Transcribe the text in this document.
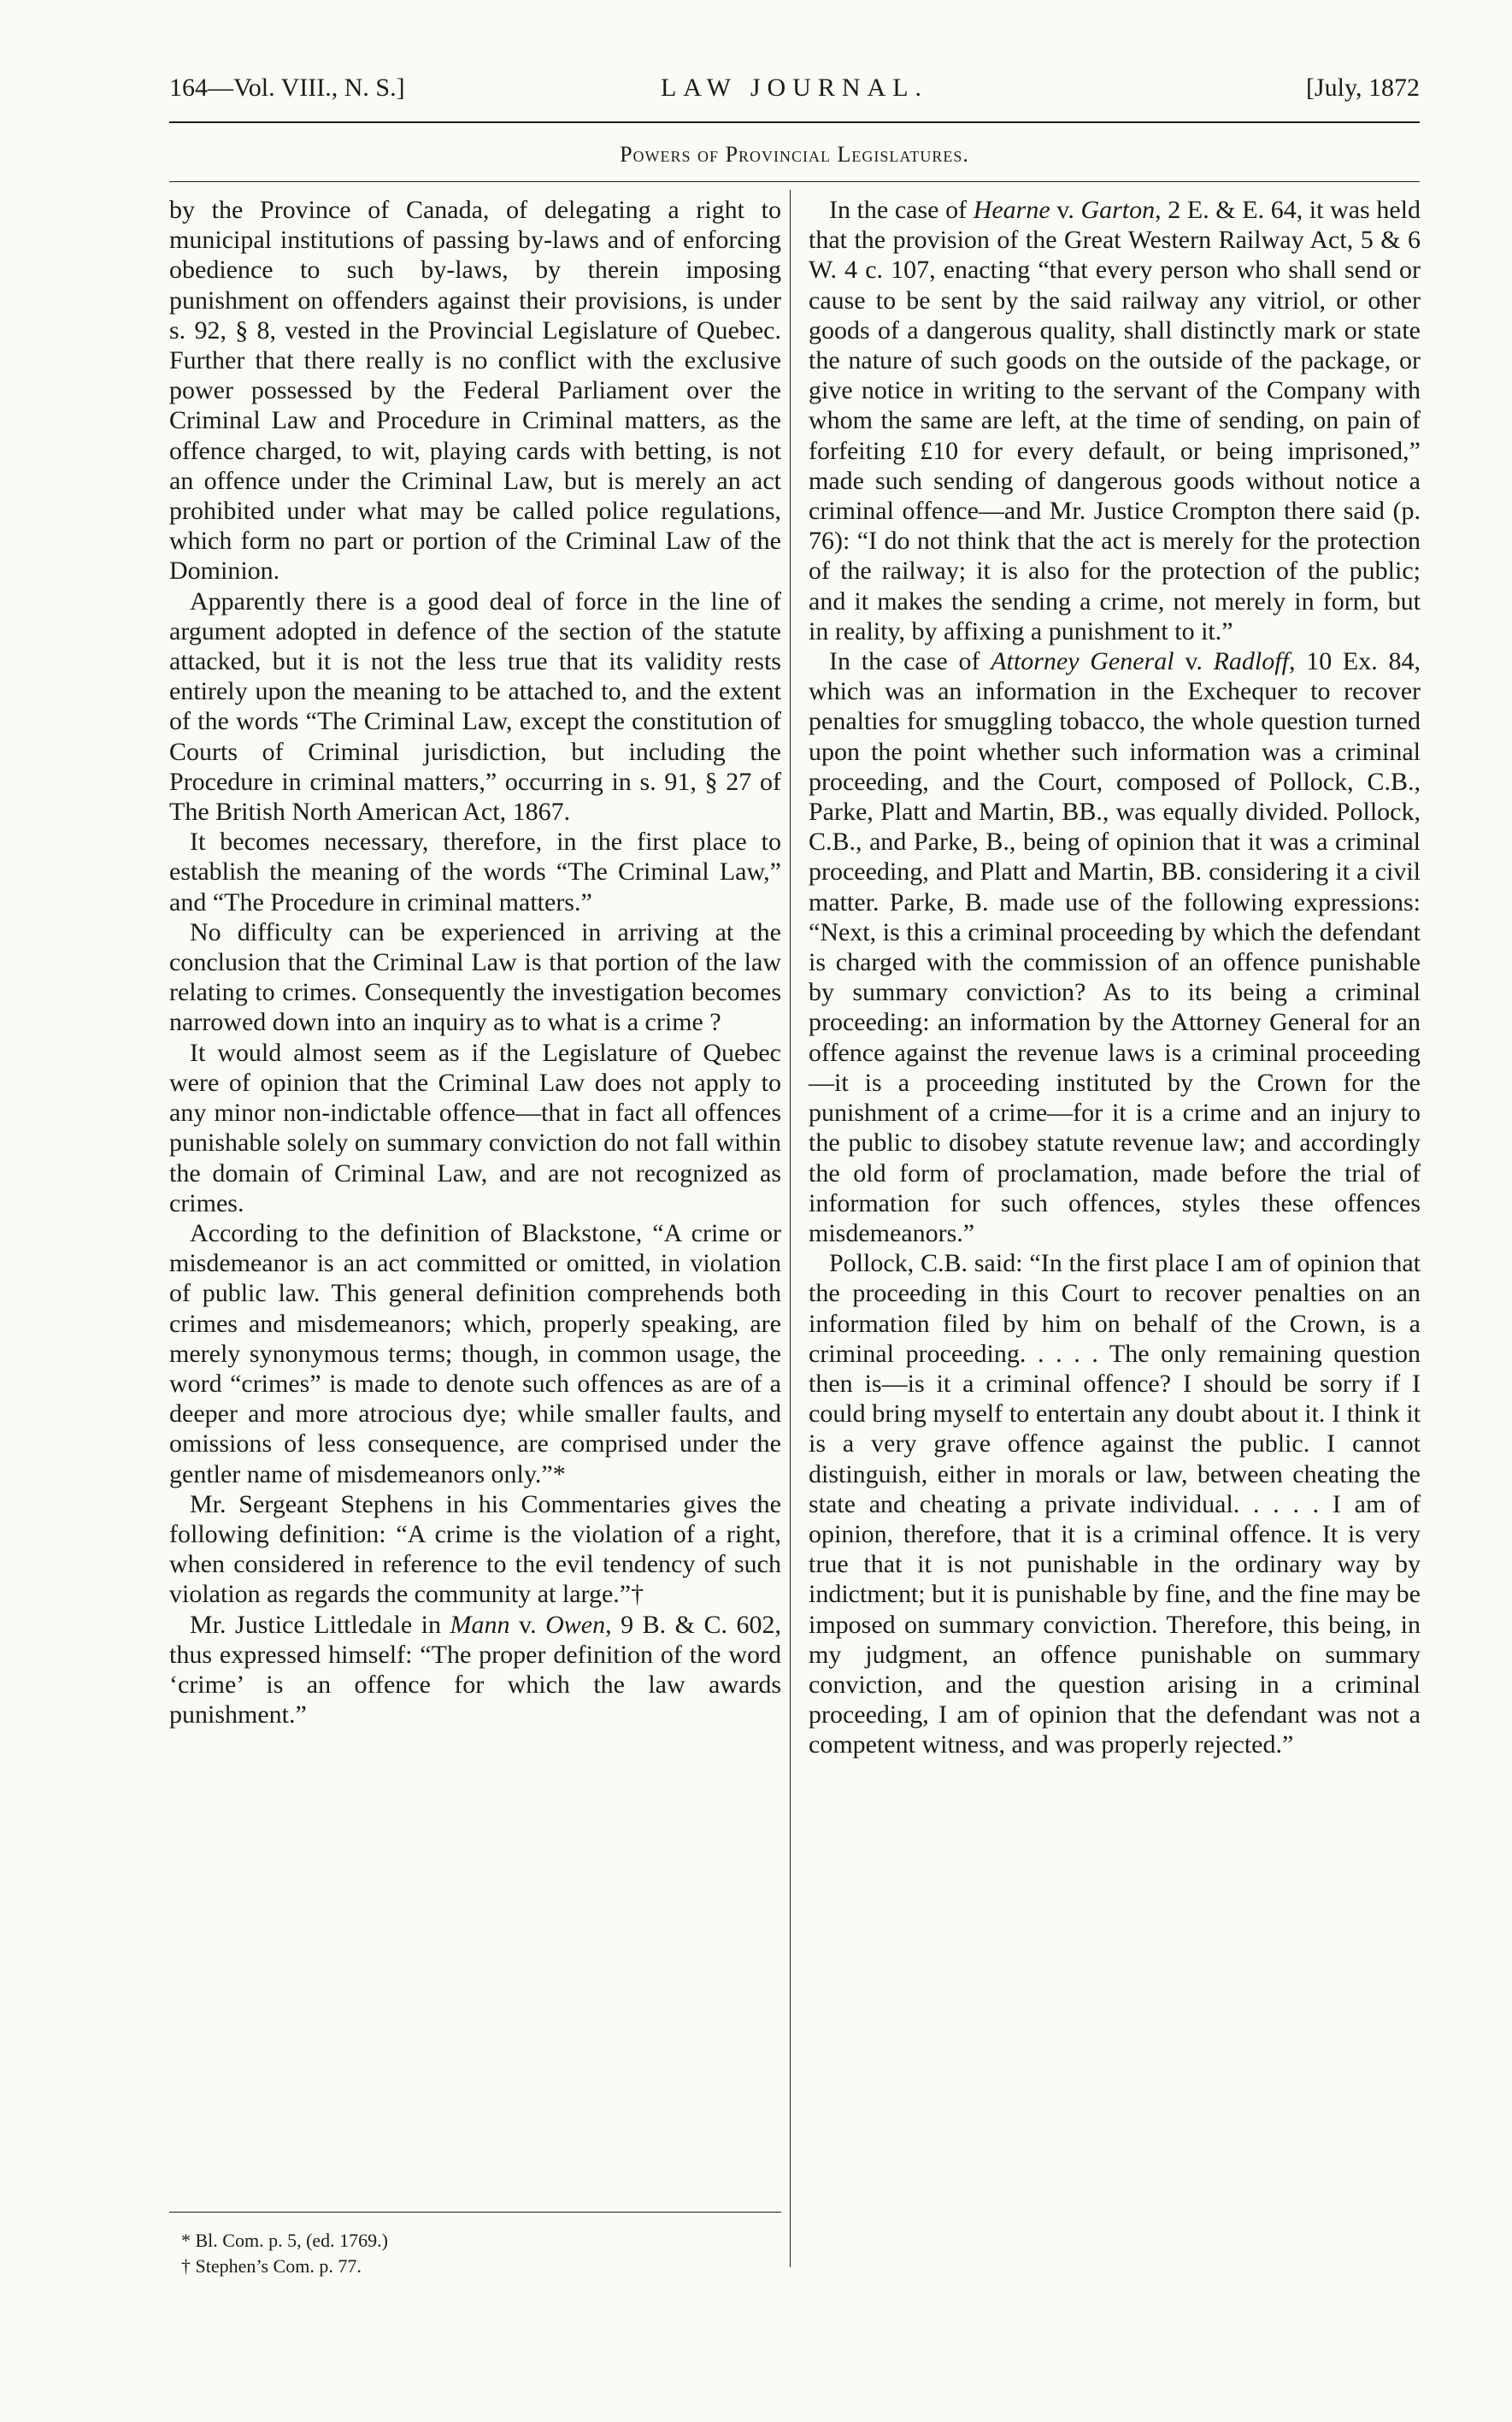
164—Vol. VIII., N. S.]	LAW JOURNAL.	[July, 1872
Powers of Provincial Legislatures.

by the Province of Canada, of delegating a right to municipal institutions of passing by-laws and of enforcing obedience to such by-laws, by therein imposing punishment on offenders against their provisions, is under s. 92, § 8, vested in the Provincial Legislature of Quebec. Further that there really is no conflict with the exclusive power possessed by the Federal Parliament over the Criminal Law and Procedure in Criminal matters, as the offence charged, to wit, playing cards with betting, is not an offence under the Criminal Law, but is merely an act prohibited under what may be called police regulations, which form no part or portion of the Criminal Law of the Dominion.

Apparently there is a good deal of force in the line of argument adopted in defence of the section of the statute attacked, but it is not the less true that its validity rests entirely upon the meaning to be attached to, and the extent of the words “The Criminal Law, except the constitution of Courts of Criminal jurisdiction, but including the Procedure in criminal matters,” occurring in s. 91, § 27 of The British North American Act, 1867.

It becomes necessary, therefore, in the first place to establish the meaning of the words “The Criminal Law,” and “The Procedure in criminal matters.”

No difficulty can be experienced in arriving at the conclusion that the Criminal Law is that portion of the law relating to crimes. Consequently the investigation becomes narrowed down into an inquiry as to what is a crime ?

It would almost seem as if the Legislature of Quebec were of opinion that the Criminal Law does not apply to any minor non-indictable offence—that in fact all offences punishable solely on summary conviction do not fall within the domain of Criminal Law, and are not recognized as crimes.

According to the definition of Blackstone, “A crime or misdemeanor is an act committed or omitted, in violation of public law. This general definition comprehends both crimes and misdemeanors; which, properly speaking, are merely synonymous terms; though, in common usage, the word “crimes” is made to denote such offences as are of a deeper and more atrocious dye; while smaller faults, and omissions of less consequence, are comprised under the gentler name of misdemeanors only.”*

Mr. Sergeant Stephens in his Commentaries gives the following definition: “A crime is the violation of a right, when considered in reference to the evil tendency of such violation as regards the community at large.”†

Mr. Justice Littledale in Mann v. Owen, 9 B. & C. 602, thus expressed himself: “The proper definition of the word ‘crime’ is an offence for which the law awards punishment.”

In the case of Hearne v. Garton, 2 E. & E. 64, it was held that the provision of the Great Western Railway Act, 5 & 6 W. 4 c. 107, enacting “that every person who shall send or cause to be sent by the said railway any vitriol, or other goods of a dangerous quality, shall distinctly mark or state the nature of such goods on the outside of the package, or give notice in writing to the servant of the Company with whom the same are left, at the time of sending, on pain of forfeiting £10 for every default, or being imprisoned,” made such sending of dangerous goods without notice a criminal offence—and Mr. Justice Crompton there said (p. 76): “I do not think that the act is merely for the protection of the railway; it is also for the protection of the public; and it makes the sending a crime, not merely in form, but in reality, by affixing a punishment to it.”

In the case of Attorney General v. Radloff, 10 Ex. 84, which was an information in the Exchequer to recover penalties for smuggling tobacco, the whole question turned upon the point whether such information was a criminal proceeding, and the Court, composed of Pollock, C.B., Parke, Platt and Martin, BB., was equally divided. Pollock, C.B., and Parke, B., being of opinion that it was a criminal proceeding, and Platt and Martin, BB. considering it a civil matter. Parke, B. made use of the following expressions: “Next, is this a criminal proceeding by which the defendant is charged with the commission of an offence punishable by summary conviction? As to its being a criminal proceeding: an information by the Attorney General for an offence against the revenue laws is a criminal proceeding—it is a proceeding instituted by the Crown for the punishment of a crime—for it is a crime and an injury to the public to disobey statute revenue law; and accordingly the old form of proclamation, made before the trial of information for such offences, styles these offences misdemeanors.”

Pollock, C.B. said: “In the first place I am of opinion that the proceeding in this Court to recover penalties on an information filed by him on behalf of the Crown, is a criminal proceeding. . . . . The only remaining question then is—is it a criminal offence? I should be sorry if I could bring myself to entertain any doubt about it. I think it is a very grave offence against the public. I cannot distinguish, either in morals or law, between cheating the state and cheating a private individual. . . . . I am of opinion, therefore, that it is a criminal offence. It is very true that it is not punishable in the ordinary way by indictment; but it is punishable by fine, and the fine may be imposed on summary conviction. Therefore, this being, in my judgment, an offence punishable on summary conviction, and the question arising in a criminal proceeding, I am of opinion that the defendant was not a competent witness, and was properly rejected.”

* Bl. Com. p. 5, (ed. 1769.)
† Stephen’s Com. p. 77.
